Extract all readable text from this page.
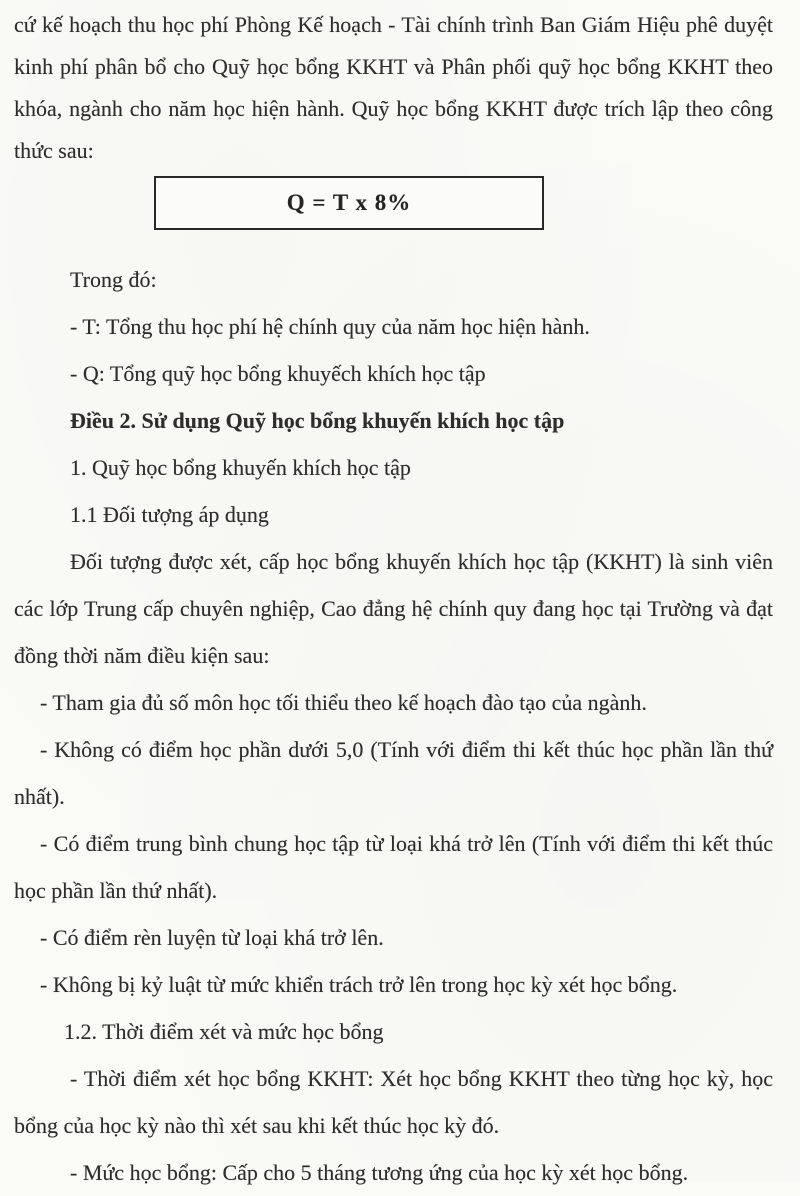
cứ kế hoạch thu học phí Phòng Kế hoạch - Tài chính trình Ban Giám Hiệu phê duyệt kinh phí phân bổ cho Quỹ học bổng KKHT và Phân phối quỹ học bổng KKHT theo khóa, ngành cho năm học hiện hành. Quỹ học bổng KKHT được trích lập theo công thức sau:

Q = T x 8%

Trong đó:

- T: Tổng thu học phí hệ chính quy của năm học hiện hành.

- Q: Tổng quỹ học bổng khuyếch khích học tập

Điều 2. Sử dụng Quỹ học bổng khuyến khích học tập

1. Quỹ học bổng khuyến khích học tập

1.1 Đối tượng áp dụng

Đối tượng được xét, cấp học bổng khuyến khích học tập (KKHT) là sinh viên các lớp Trung cấp chuyên nghiệp, Cao đẳng hệ chính quy đang học tại Trường và đạt đồng thời năm điều kiện sau:

- Tham gia đủ số môn học tối thiểu theo kế hoạch đào tạo của ngành.

- Không có điểm học phần dưới 5,0 (Tính với điểm thi kết thúc học phần lần thứ nhất).

- Có điểm trung bình chung học tập từ loại khá trở lên (Tính với điểm thi kết thúc học phần lần thứ nhất).

- Có điểm rèn luyện từ loại khá trở lên.

- Không bị kỷ luật từ mức khiển trách trở lên trong học kỳ xét học bổng.

1.2. Thời điểm xét và mức học bổng

- Thời điểm xét học bổng KKHT: Xét học bổng KKHT theo từng học kỳ, học bổng của học kỳ nào thì xét sau khi kết thúc học kỳ đó.

- Mức học bổng: Cấp cho 5 tháng tương ứng của học kỳ xét học bổng.
